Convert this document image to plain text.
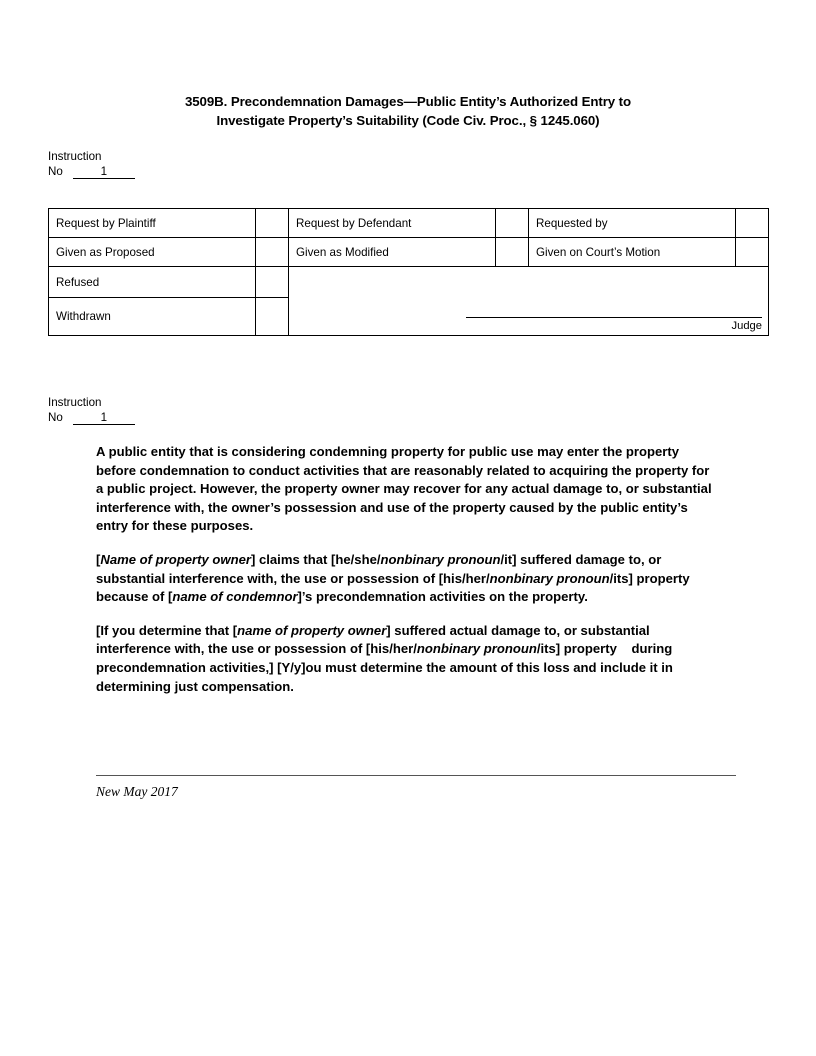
3509B. Precondemnation Damages—Public Entity’s Authorized Entry to
Investigate Property’s Suitability (Code Civ. Proc., § 1245.060)
Instruction
No	1
Request by Plaintiff		Request by Defendant		Requested by	
Given as Proposed		Given as Modified		Given on Court’s Motion	
Refused		Judge			

Withdrawn					
Instruction
No	1

A public entity that is considering condemning property for public use may enter the property before condemnation to conduct activities that are reasonably related to acquiring the property for a public project. However, the property owner may recover for any actual damage to, or substantial interference with, the owner’s possession and use of the property caused by the public entity’s entry for these purposes.

[Name of property owner] claims that [he/she/nonbinary pronoun/it] suffered damage to, or substantial interference with, the use or possession of [his/her/nonbinary pronoun/its] property because of [name of condemnor]’s precondemnation activities on the property.

[If you determine that [name of property owner] suffered actual damage to, or substantial interference with, the use or possession of [his/her/nonbinary pronoun/its] property during precondemnation activities,] [Y/y]ou must determine the amount of this loss and include it in determining just compensation.

New May 2017
